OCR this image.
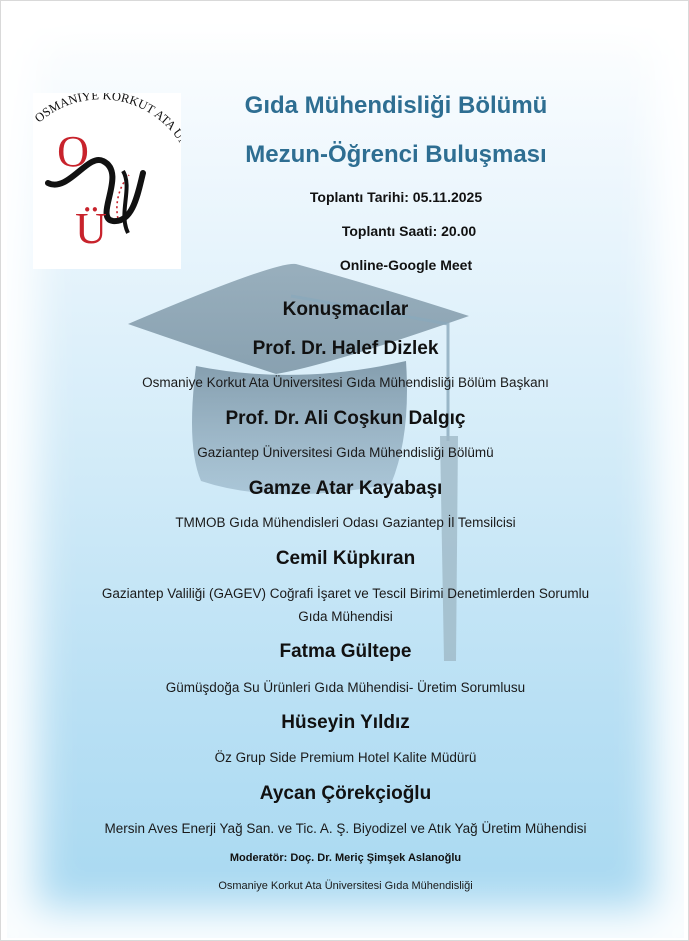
OSMANİYE KORKUT ATA
O
Ü
Gıda Mühendisliği Bölümü
Mezun-Öğrenci Buluşması
Toplantı Tarihi: 05.11.2025
Toplantı Saati: 20.00
Online-Google Meet
Konuşmacılar
Prof. Dr. Halef Dizlek
Osmaniye Korkut Ata Üniversitesi Gıda Mühendisliği Bölüm Başkanı
Prof. Dr. Ali Coşkun Dalgıç
Gaziantep Üniversitesi Gıda Mühendisliği Bölümü
Gamze Atar Kayabaşı
TMMOB Gıda Mühendisleri Odası Gaziantep İl Temsilcisi
Cemil Küpkıran
Gaziantep Valiliği (GAGEV) Coğrafi İşaret ve Tescil Birimi Denetimlerden Sorumlu
Gıda Mühendisi
Fatma Gültepe
Gümüşdoğa Su Ürünleri Gıda Mühendisi- Üretim Sorumlusu
Hüseyin Yıldız
Öz Grup Side Premium Hotel Kalite Müdürü
Aycan Çörekçioğlu
Mersin Aves Enerji Yağ San. ve Tic. A. Ş. Biyodizel ve Atık Yağ Üretim Mühendisi
Moderatör: Doç. Dr. Meriç Şimşek Aslanoğlu
Osmaniye Korkut Ata Üniversitesi Gıda Mühendisliği
